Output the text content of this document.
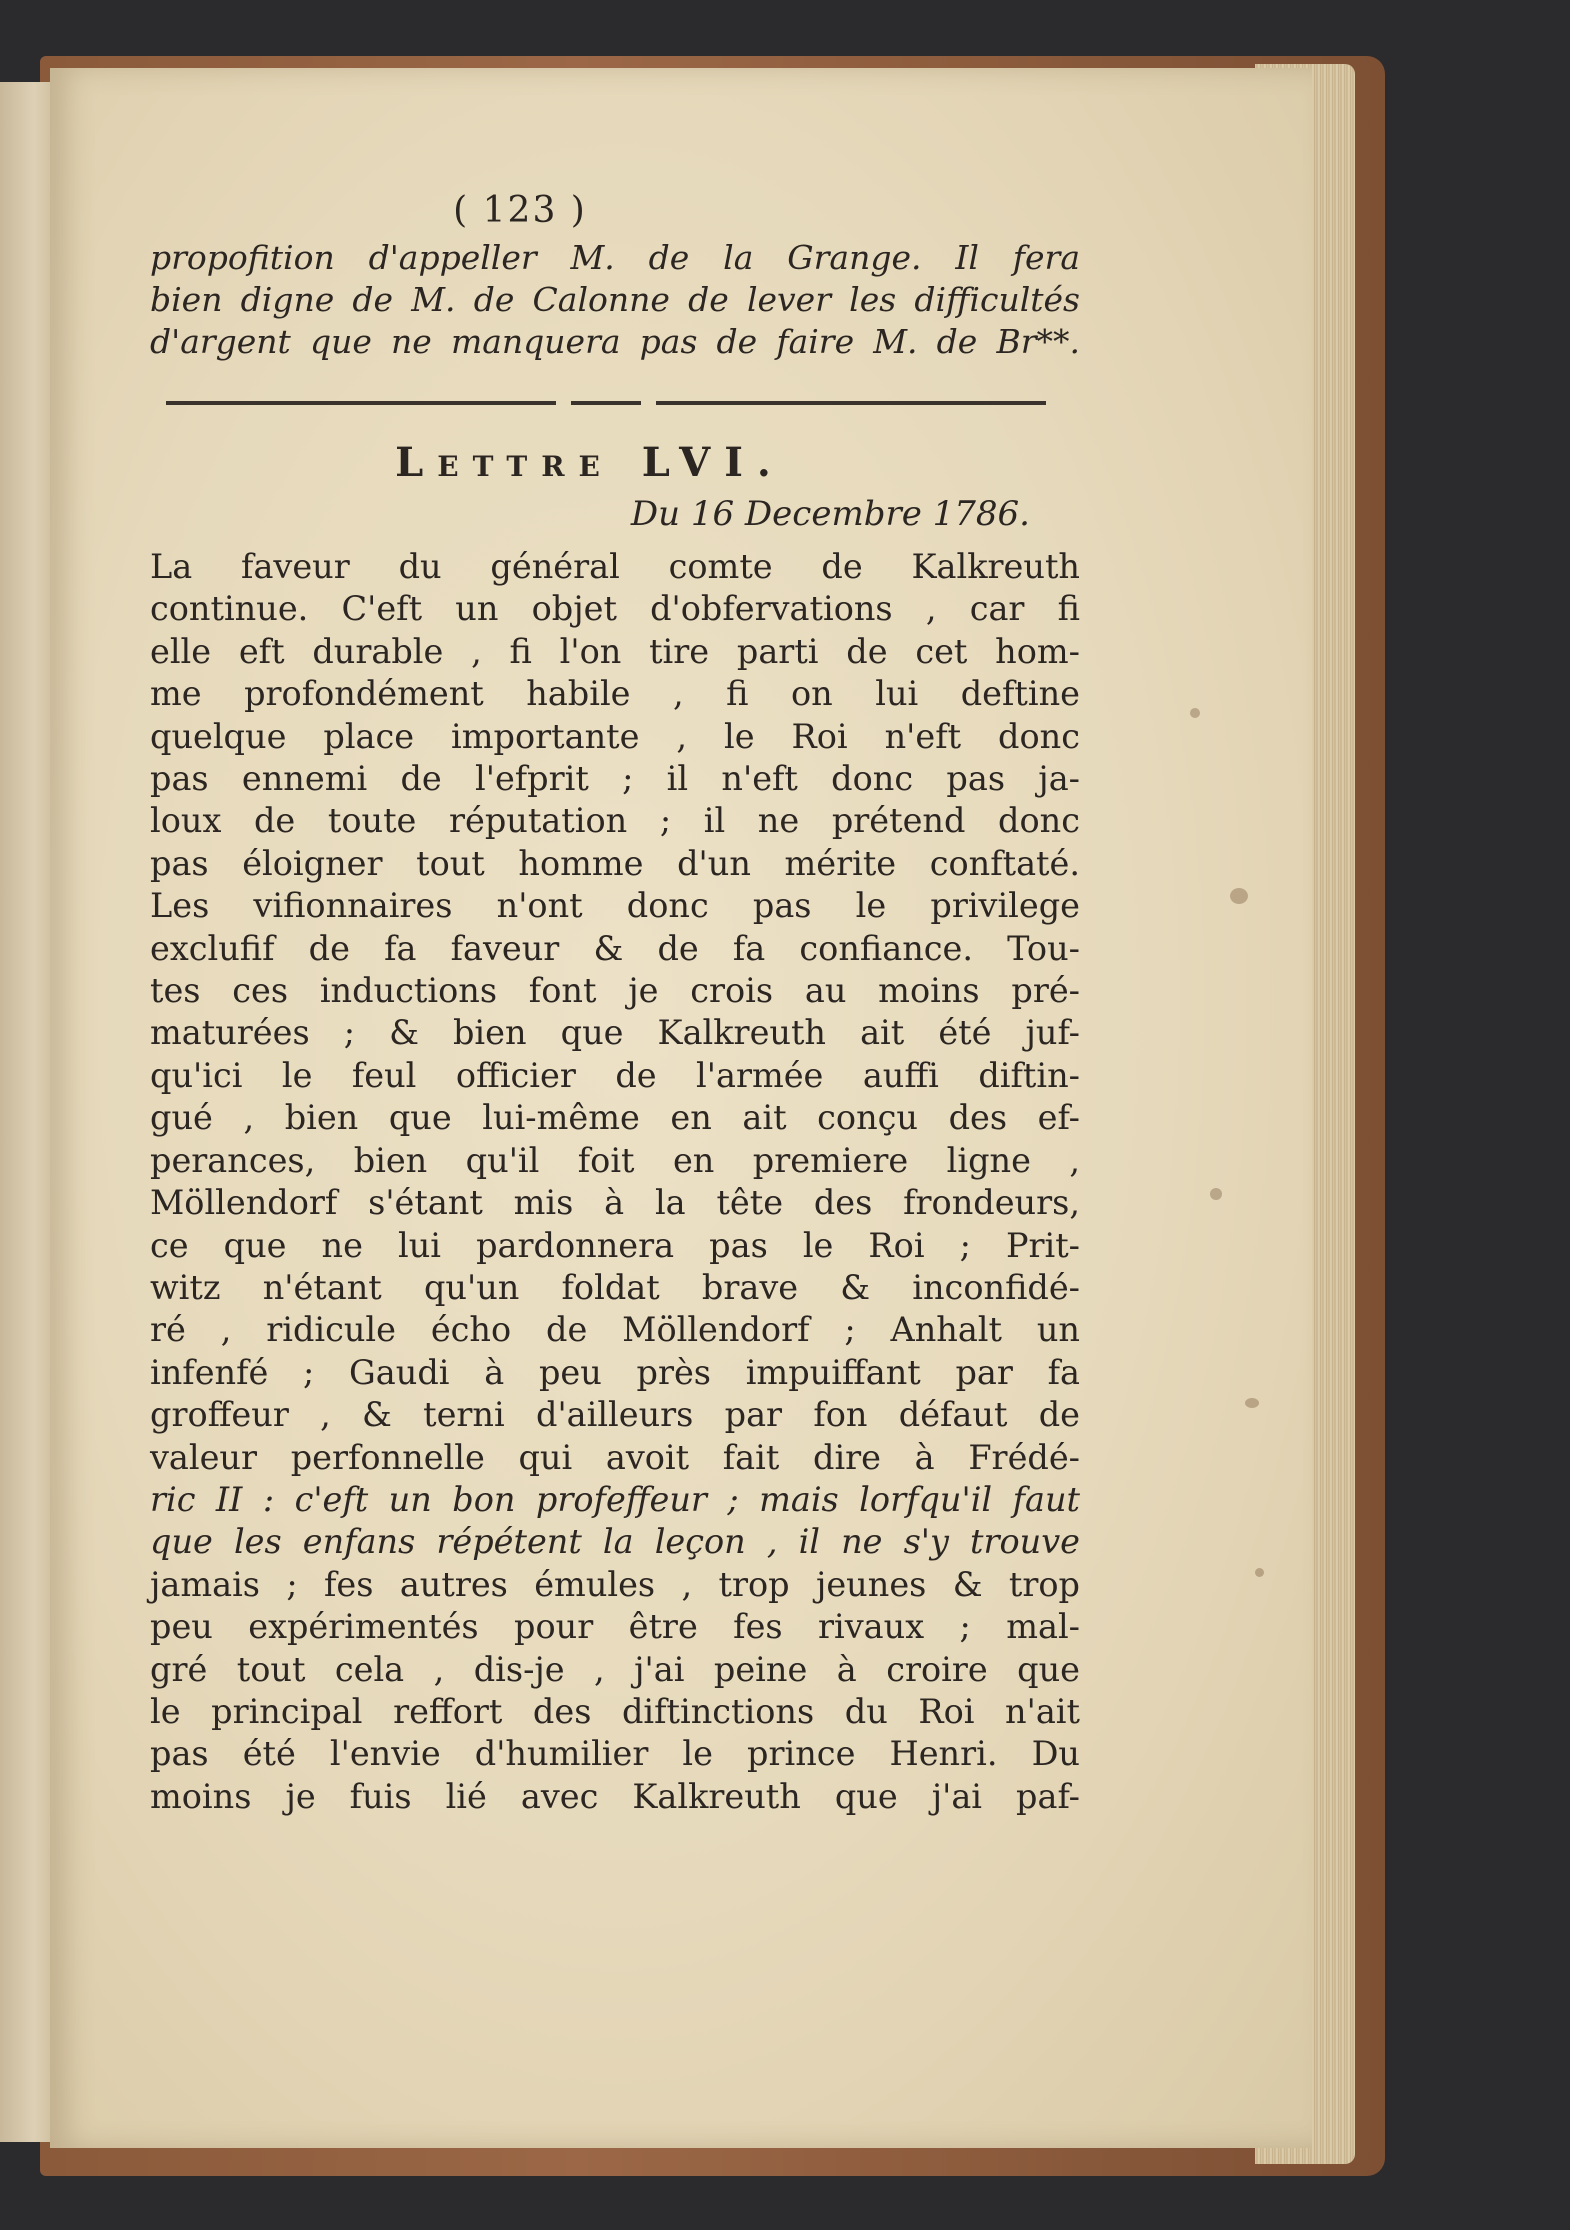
( 123 )

propofition d'appeller M. de la Grange. Il fera
bien digne de M. de Calonne de lever les difficultés
d'argent que ne manquera pas de faire M. de Br**.

Lettre LVI.
Du 16 Decembre 1786.
La faveur du général comte de Kalkreuth
continue. C'eft un objet d'obfervations , car fi
elle eft durable , fi l'on tire parti de cet hom-
me profondément habile , fi on lui deftine
quelque place importante , le Roi n'eft donc
pas ennemi de l'efprit ; il n'eft donc pas ja-
loux de toute réputation ; il ne prétend donc
pas éloigner tout homme d'un mérite conftaté.
Les vifionnaires n'ont donc pas le privilege
exclufif de fa faveur & de fa confiance. Tou-
tes ces inductions font je crois au moins pré-
maturées ; & bien que Kalkreuth ait été juf-
qu'ici le feul officier de l'armée auffi diftin-
gué , bien que lui-même en ait conçu des ef-
perances, bien qu'il foit en premiere ligne ,
Möllendorf s'étant mis à la tête des frondeurs,
ce que ne lui pardonnera pas le Roi ; Prit-
witz n'étant qu'un foldat brave & inconfidé-
ré , ridicule écho de Möllendorf ; Anhalt un
infenfé ; Gaudi à peu près impuiffant par fa
groffeur , & terni d'ailleurs par fon défaut de
valeur perfonnelle qui avoit fait dire à Frédé-
ric II : c'eft un bon profeffeur ; mais lorfqu'il faut
que les enfans répétent la leçon , il ne s'y trouve
jamais ; fes autres émules , trop jeunes & trop
peu expérimentés pour être fes rivaux ; mal-
gré tout cela , dis-je , j'ai peine à croire que
le principal reffort des diftinctions du Roi n'ait
pas été l'envie d'humilier le prince Henri. Du
moins je fuis lié avec Kalkreuth que j'ai paf-
